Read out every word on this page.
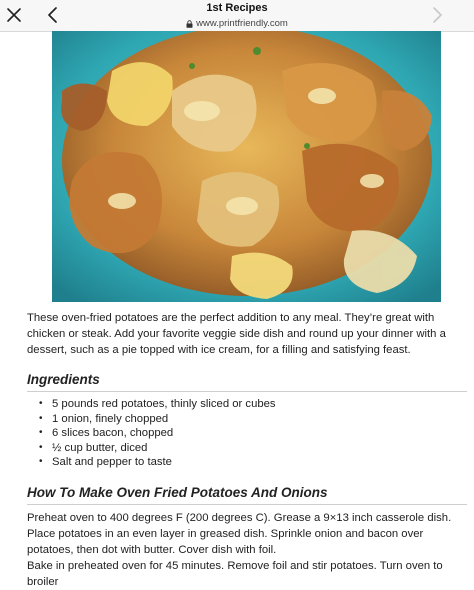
1st Recipes
www.printfriendly.com

These oven-fried potatoes are the perfect addition to any meal. They’re great with chicken or steak. Add your favorite veggie side dish and round up your dinner with a dessert, such as a pie topped with ice cream, for a filling and satisfying feast.

Ingredients
• 5 pounds red potatoes, thinly sliced or cubes
• 1 onion, finely chopped
• 6 slices bacon, chopped
• ½ cup butter, diced
• Salt and pepper to taste
How To Make Oven Fried Potatoes And Onions

Preheat oven to 400 degrees F (200 degrees C). Grease a 9×13 inch casserole dish.

Place potatoes in an even layer in greased dish. Sprinkle onion and bacon over potatoes, then dot with butter. Cover dish with foil.

Bake in preheated oven for 45 minutes. Remove foil and stir potatoes. Turn oven to broiler
